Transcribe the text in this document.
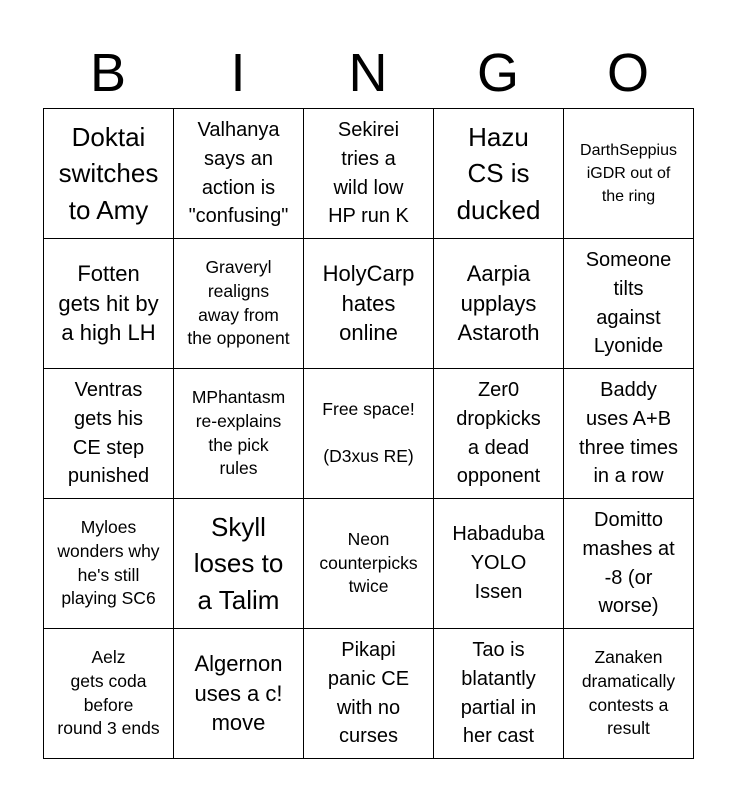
B	I	N	G	O
Doktai
switches
to Amy	Valhanya
says an
action is
"confusing"	Sekirei
tries a
wild low
HP run K	Hazu
CS is
ducked	DarthSeppius
iGDR out of
the ring
Fotten
gets hit by
a high LH	Graveryl
realigns
away from
the opponent	HolyCarp
hates
online	Aarpia
upplays
Astaroth	Someone
tilts
against
Lyonide
Ventras
gets his
CE step
punished	MPhantasm
re-explains
the pick
rules	Free space!

(D3xus RE)	Zer0
dropkicks
a dead
opponent	Baddy
uses A+B
three times
in a row
Myloes
wonders why
he's still
playing SC6	Skyll
loses to
a Talim	Neon
counterpicks
twice	Habaduba
YOLO
Issen	Domitto
mashes at
-8 (or
worse)
Aelz
gets coda
before
round 3 ends	Algernon
uses a c!
move	Pikapi
panic CE
with no
curses	Tao is
blatantly
partial in
her cast	Zanaken
dramatically
contests a
result
